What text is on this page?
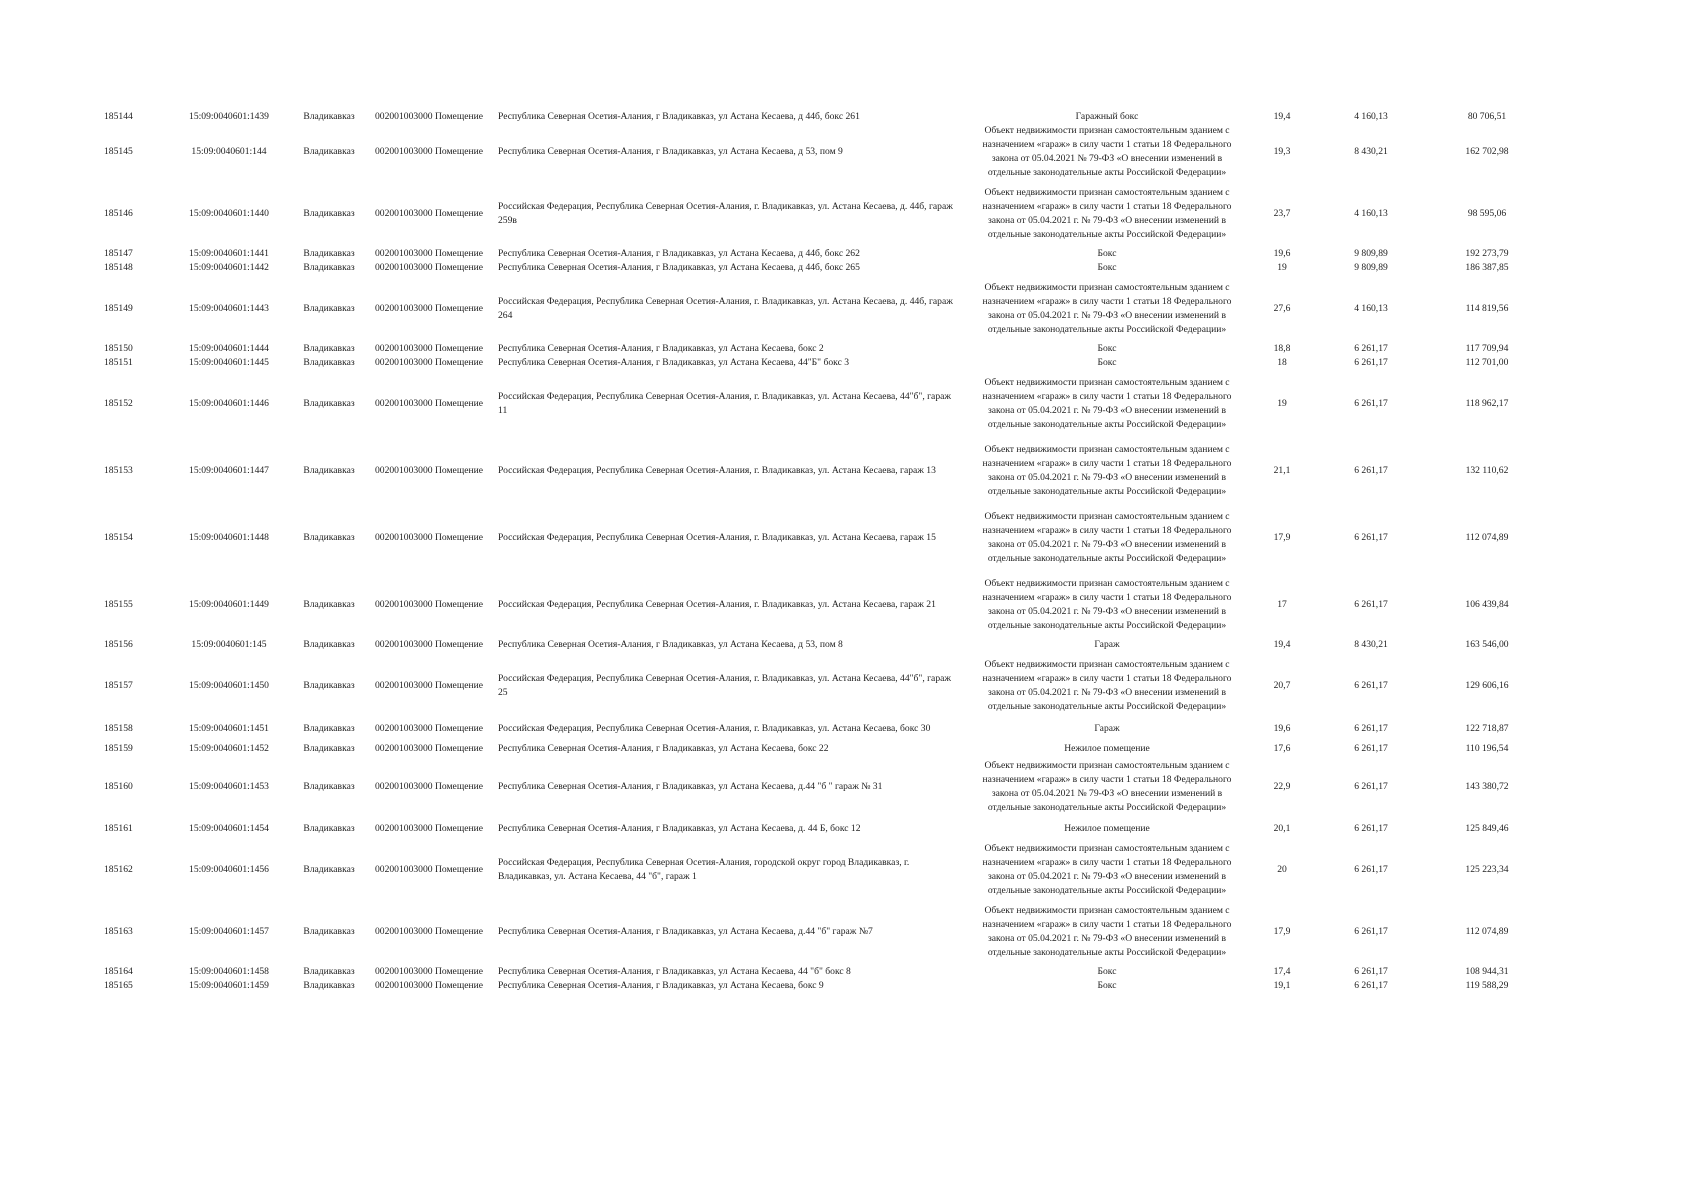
185144	15:09:0040601:1439	Владикавказ	002001003000 Помещение	Республика Северная Осетия-Алания, г Владикавказ, ул Астана Кесаева, д 44б, бокс 261	Гаражный бокс	19,4	4 160,13	80 706,51
185145	15:09:0040601:144	Владикавказ	002001003000 Помещение	Республика Северная Осетия-Алания, г Владикавказ, ул Астана Кесаева, д 53, пом 9	Объект недвижимости признан самостоятельным зданием с назначением «гараж» в силу части 1 статьи 18 Федерального закона от 05.04.2021 № 79-ФЗ «О внесении изменений в отдельные законодательные акты Российской Федерации»	19,3	8 430,21	162 702,98
185146	15:09:0040601:1440	Владикавказ	002001003000 Помещение	Российская Федерация, Республика Северная Осетия-Алания, г. Владикавказ, ул. Астана Кесаева, д. 44б, гараж 259в	Объект недвижимости признан самостоятельным зданием с назначением «гараж» в силу части 1 статьи 18 Федерального закона от 05.04.2021 г. № 79-ФЗ «О внесении изменений в отдельные законодательные акты Российской Федерации»	23,7	4 160,13	98 595,06
185147	15:09:0040601:1441	Владикавказ	002001003000 Помещение	Республика Северная Осетия-Алания, г Владикавказ, ул Астана Кесаева, д 44б, бокс 262	Бокс	19,6	9 809,89	192 273,79
185148	15:09:0040601:1442	Владикавказ	002001003000 Помещение	Республика Северная Осетия-Алания, г Владикавказ, ул Астана Кесаева, д 44б, бокс 265	Бокс	19	9 809,89	186 387,85
185149	15:09:0040601:1443	Владикавказ	002001003000 Помещение	Российская Федерация, Республика Северная Осетия-Алания, г. Владикавказ, ул. Астана Кесаева, д. 44б, гараж 264	Объект недвижимости признан самостоятельным зданием с назначением «гараж» в силу части 1 статьи 18 Федерального закона от 05.04.2021 г. № 79-ФЗ «О внесении изменений в отдельные законодательные акты Российской Федерации»	27,6	4 160,13	114 819,56
185150	15:09:0040601:1444	Владикавказ	002001003000 Помещение	Республика Северная Осетия-Алания, г Владикавказ, ул Астана Кесаева, бокс 2	Бокс	18,8	6 261,17	117 709,94
185151	15:09:0040601:1445	Владикавказ	002001003000 Помещение	Республика Северная Осетия-Алания, г Владикавказ, ул Астана Кесаева, 44"Б" бокс 3	Бокс	18	6 261,17	112 701,00
185152	15:09:0040601:1446	Владикавказ	002001003000 Помещение	Российская Федерация, Республика Северная Осетия-Алания, г. Владикавказ, ул. Астана Кесаева, 44"б", гараж 11	Объект недвижимости признан самостоятельным зданием с назначением «гараж» в силу части 1 статьи 18 Федерального закона от 05.04.2021 г. № 79-ФЗ «О внесении изменений в отдельные законодательные акты Российской Федерации»	19	6 261,17	118 962,17
185153	15:09:0040601:1447	Владикавказ	002001003000 Помещение	Российская Федерация, Республика Северная Осетия-Алания, г. Владикавказ, ул. Астана Кесаева, гараж 13	Объект недвижимости признан самостоятельным зданием с назначением «гараж» в силу части 1 статьи 18 Федерального закона от 05.04.2021 г. № 79-ФЗ «О внесении изменений в отдельные законодательные акты Российской Федерации»	21,1	6 261,17	132 110,62
185154	15:09:0040601:1448	Владикавказ	002001003000 Помещение	Российская Федерация, Республика Северная Осетия-Алания, г. Владикавказ, ул. Астана Кесаева, гараж 15	Объект недвижимости признан самостоятельным зданием с назначением «гараж» в силу части 1 статьи 18 Федерального закона от 05.04.2021 г. № 79-ФЗ «О внесении изменений в отдельные законодательные акты Российской Федерации»	17,9	6 261,17	112 074,89
185155	15:09:0040601:1449	Владикавказ	002001003000 Помещение	Российская Федерация, Республика Северная Осетия-Алания, г. Владикавказ, ул. Астана Кесаева, гараж 21	Объект недвижимости признан самостоятельным зданием с назначением «гараж» в силу части 1 статьи 18 Федерального закона от 05.04.2021 г. № 79-ФЗ «О внесении изменений в отдельные законодательные акты Российской Федерации»	17	6 261,17	106 439,84
185156	15:09:0040601:145	Владикавказ	002001003000 Помещение	Республика Северная Осетия-Алания, г Владикавказ, ул Астана Кесаева, д 53, пом 8	Гараж	19,4	8 430,21	163 546,00
185157	15:09:0040601:1450	Владикавказ	002001003000 Помещение	Российская Федерация, Республика Северная Осетия-Алания, г. Владикавказ, ул. Астана Кесаева, 44"б", гараж 25	Объект недвижимости признан самостоятельным зданием с назначением «гараж» в силу части 1 статьи 18 Федерального закона от 05.04.2021 г. № 79-ФЗ «О внесении изменений в отдельные законодательные акты Российской Федерации»	20,7	6 261,17	129 606,16
185158	15:09:0040601:1451	Владикавказ	002001003000 Помещение	Российская Федерация, Республика Северная Осетия-Алания, г. Владикавказ, ул. Астана Кесаева, бокс 30	Гараж	19,6	6 261,17	122 718,87
185159	15:09:0040601:1452	Владикавказ	002001003000 Помещение	Республика Северная Осетия-Алания, г Владикавказ, ул Астана Кесаева, бокс 22	Нежилое помещение	17,6	6 261,17	110 196,54
185160	15:09:0040601:1453	Владикавказ	002001003000 Помещение	Республика Северная Осетия-Алания, г Владикавказ, ул Астана Кесаева, д.44 "б " гараж № 31	Объект недвижимости признан самостоятельным зданием с назначением «гараж» в силу части 1 статьи 18 Федерального закона от 05.04.2021 № 79-ФЗ «О внесении изменений в отдельные законодательные акты Российской Федерации»	22,9	6 261,17	143 380,72
185161	15:09:0040601:1454	Владикавказ	002001003000 Помещение	Республика Северная Осетия-Алания, г Владикавказ, ул Астана Кесаева, д. 44 Б, бокс 12	Нежилое помещение	20,1	6 261,17	125 849,46
185162	15:09:0040601:1456	Владикавказ	002001003000 Помещение	Российская Федерация, Республика Северная Осетия-Алания, городской округ город Владикавказ, г. Владикавказ, ул. Астана Кесаева, 44 "б", гараж 1	Объект недвижимости признан самостоятельным зданием с назначением «гараж» в силу части 1 статьи 18 Федерального закона от 05.04.2021 г. № 79-ФЗ «О внесении изменений в отдельные законодательные акты Российской Федерации»	20	6 261,17	125 223,34
185163	15:09:0040601:1457	Владикавказ	002001003000 Помещение	Республика Северная Осетия-Алания, г Владикавказ, ул Астана Кесаева, д.44 "б" гараж №7	Объект недвижимости признан самостоятельным зданием с назначением «гараж» в силу части 1 статьи 18 Федерального закона от 05.04.2021 г. № 79-ФЗ «О внесении изменений в отдельные законодательные акты Российской Федерации»	17,9	6 261,17	112 074,89
185164	15:09:0040601:1458	Владикавказ	002001003000 Помещение	Республика Северная Осетия-Алания, г Владикавказ, ул Астана Кесаева, 44 "б" бокс 8	Бокс	17,4	6 261,17	108 944,31
185165	15:09:0040601:1459	Владикавказ	002001003000 Помещение	Республика Северная Осетия-Алания, г Владикавказ, ул Астана Кесаева, бокс 9	Бокс	19,1	6 261,17	119 588,29
